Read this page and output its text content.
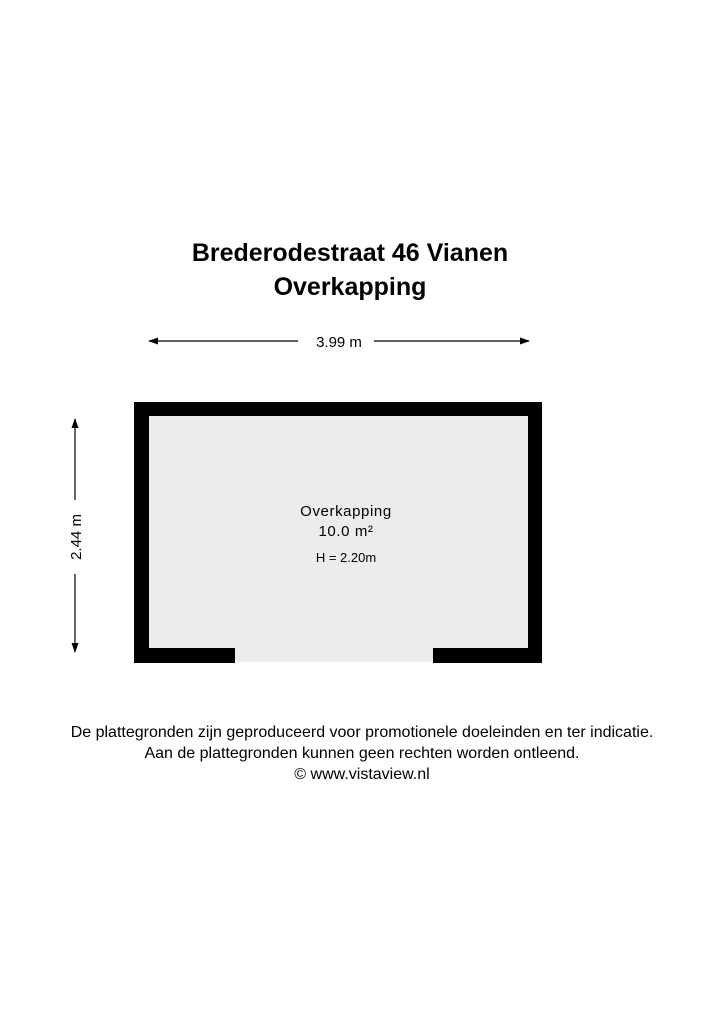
Brederodestraat 46 Vianen
Overkapping
3.99 m
2.44 m
Overkapping
10.0 m²
H = 2.20m
De plattegronden zijn geproduceerd voor promotionele doeleinden en ter indicatie.
Aan de plattegronden kunnen geen rechten worden ontleend.
© www.vistaview.nl
